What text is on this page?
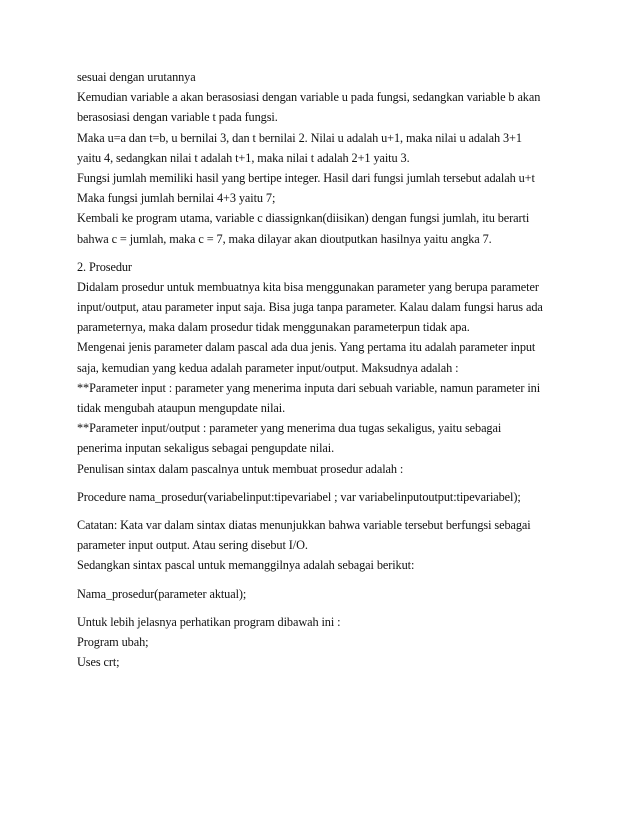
sesuai dengan urutannya
Kemudian variable a akan berasosiasi dengan variable u pada fungsi, sedangkan variable b akan
berasosiasi dengan variable t pada fungsi.
Maka u=a dan t=b, u bernilai 3, dan t bernilai 2. Nilai u adalah u+1, maka nilai u adalah 3+1
yaitu 4, sedangkan nilai t adalah t+1, maka nilai t adalah 2+1 yaitu 3.
Fungsi jumlah memiliki hasil yang bertipe integer. Hasil dari fungsi jumlah tersebut adalah u+t
Maka fungsi jumlah bernilai 4+3 yaitu 7;
Kembali ke program utama, variable c diassignkan(diisikan) dengan fungsi jumlah, itu berarti
bahwa c = jumlah, maka c = 7, maka dilayar akan dioutputkan hasilnya yaitu angka 7.
2. Prosedur
Didalam prosedur untuk membuatnya kita bisa menggunakan parameter yang berupa parameter
input/output, atau parameter input saja. Bisa juga tanpa parameter. Kalau dalam fungsi harus ada
parameternya, maka dalam prosedur tidak menggunakan parameterpun tidak apa.
Mengenai jenis parameter dalam pascal ada dua jenis. Yang pertama itu adalah parameter input
saja, kemudian yang kedua adalah parameter input/output. Maksudnya adalah :
**Parameter input : parameter yang menerima inputa dari sebuah variable, namun parameter ini
tidak mengubah ataupun mengupdate nilai.
**Parameter input/output : parameter yang menerima dua tugas sekaligus, yaitu sebagai
penerima inputan sekaligus sebagai pengupdate nilai.
Penulisan sintax dalam pascalnya untuk membuat prosedur adalah :
Procedure nama_prosedur(variabelinput:tipevariabel ; var variabelinputoutput:tipevariabel);
Catatan: Kata var dalam sintax diatas menunjukkan bahwa variable tersebut berfungsi sebagai
parameter input output. Atau sering disebut I/O.
Sedangkan sintax pascal untuk memanggilnya adalah sebagai berikut:
Nama_prosedur(parameter aktual);
Untuk lebih jelasnya perhatikan program dibawah ini :
Program ubah;
Uses crt;
